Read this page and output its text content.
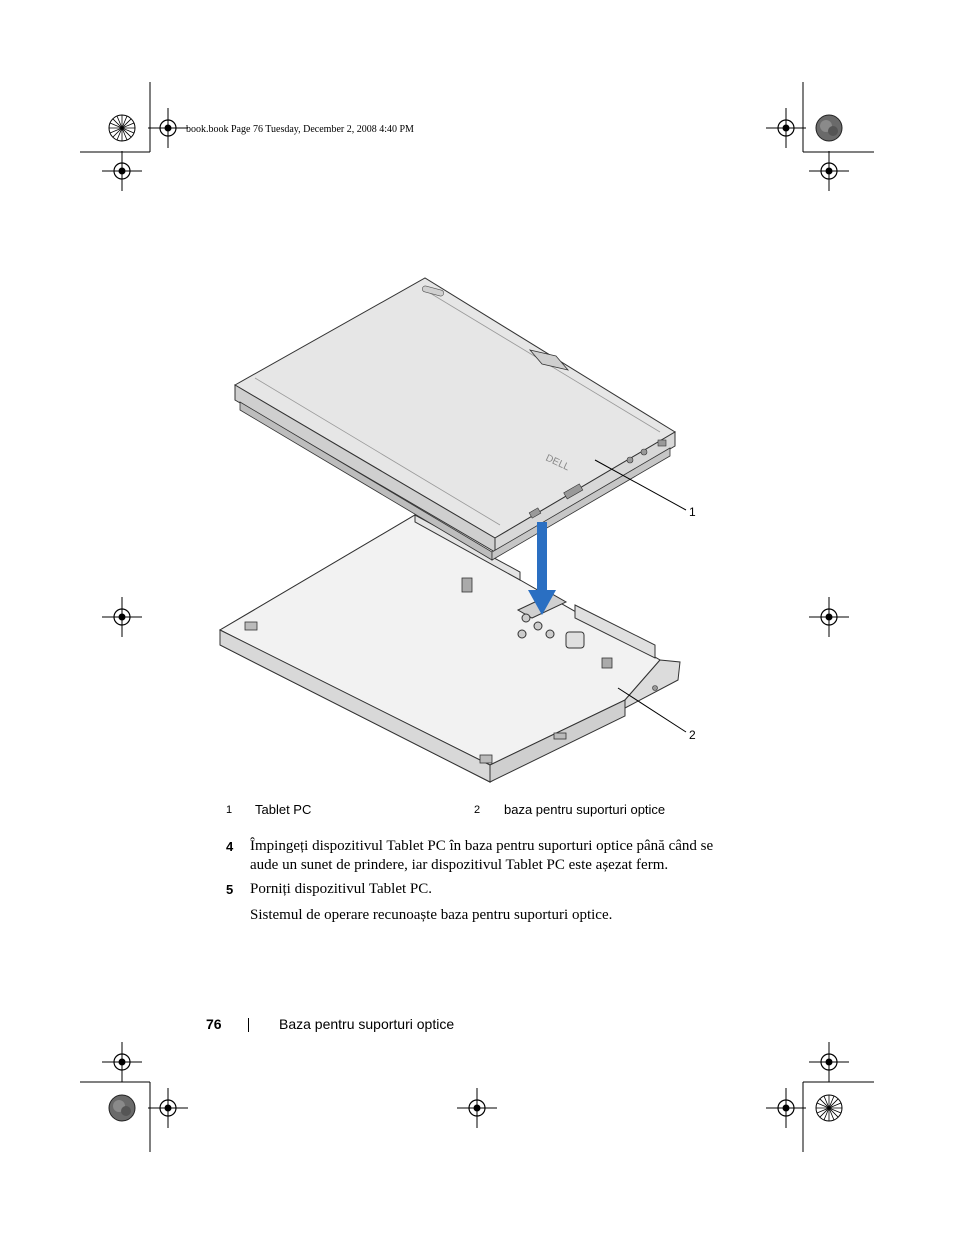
book.book Page 76 Tuesday, December 2, 2008 4:40 PM
DELL
1
2
1 Tablet PC	2 baza pentru suporturi optice
4 Împingeți dispozitivul Tablet PC în baza pentru suporturi optice până când se aude un sunet de prindere, iar dispozitivul Tablet PC este așezat ferm.
5 Porniți dispozitivul Tablet PC.
Sistemul de operare recunoaște baza pentru suporturi optice.
76	Baza pentru suporturi optice
